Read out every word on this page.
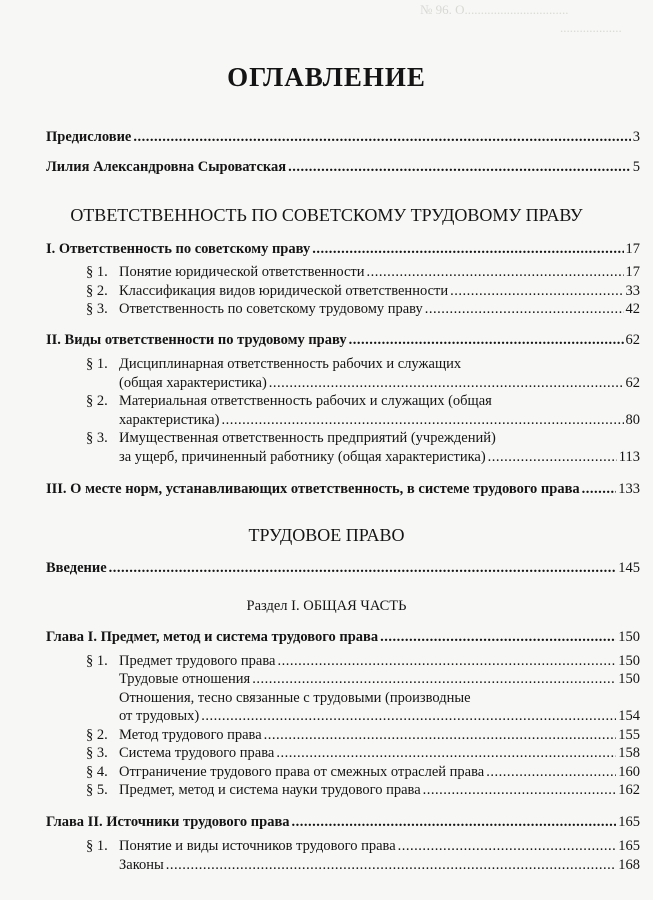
№ 96. О................................
...................
ОГЛАВЛЕНИЕ
Предисловие .....	3
Лилия Александровна Сыроватская .....	5
ОТВЕТСТВЕННОСТЬ ПО СОВЕТСКОМУ ТРУДОВОМУ ПРАВУ
I. Ответственность по советскому праву .....	17
§ 1. Понятие юридической ответственности .....	17
§ 2. Классификация видов юридической ответственности .....	33
§ 3. Ответственность по советскому трудовому праву .....	42
II. Виды ответственности по трудовому праву .....	62
§ 1. Дисциплинарная ответственность рабочих и служащих
(общая характеристика) .....	62
§ 2. Материальная ответственность рабочих и служащих (общая
характеристика) .....	80
§ 3. Имущественная ответственность предприятий (учреждений)
за ущерб, причиненный работнику (общая характеристика) .....	113
III. О месте норм, устанавливающих ответственность, в системе трудового права .....	133
ТРУДОВОЕ ПРАВО
Введение .....	145
Раздел I. ОБЩАЯ ЧАСТЬ
Глава I. Предмет, метод и система трудового права .....	150
§ 1. Предмет трудового права .....	150
Трудовые отношения .....	150
Отношения, тесно связанные с трудовыми (производные
от трудовых) .....	154
§ 2. Метод трудового права .....	155
§ 3. Система трудового права .....	158
§ 4. Отграничение трудового права от смежных отраслей права .....	160
§ 5. Предмет, метод и система науки трудового права .....	162
Глава II. Источники трудового права .....	165
§ 1. Понятие и виды источников трудового права .....	165
Законы .....	168
